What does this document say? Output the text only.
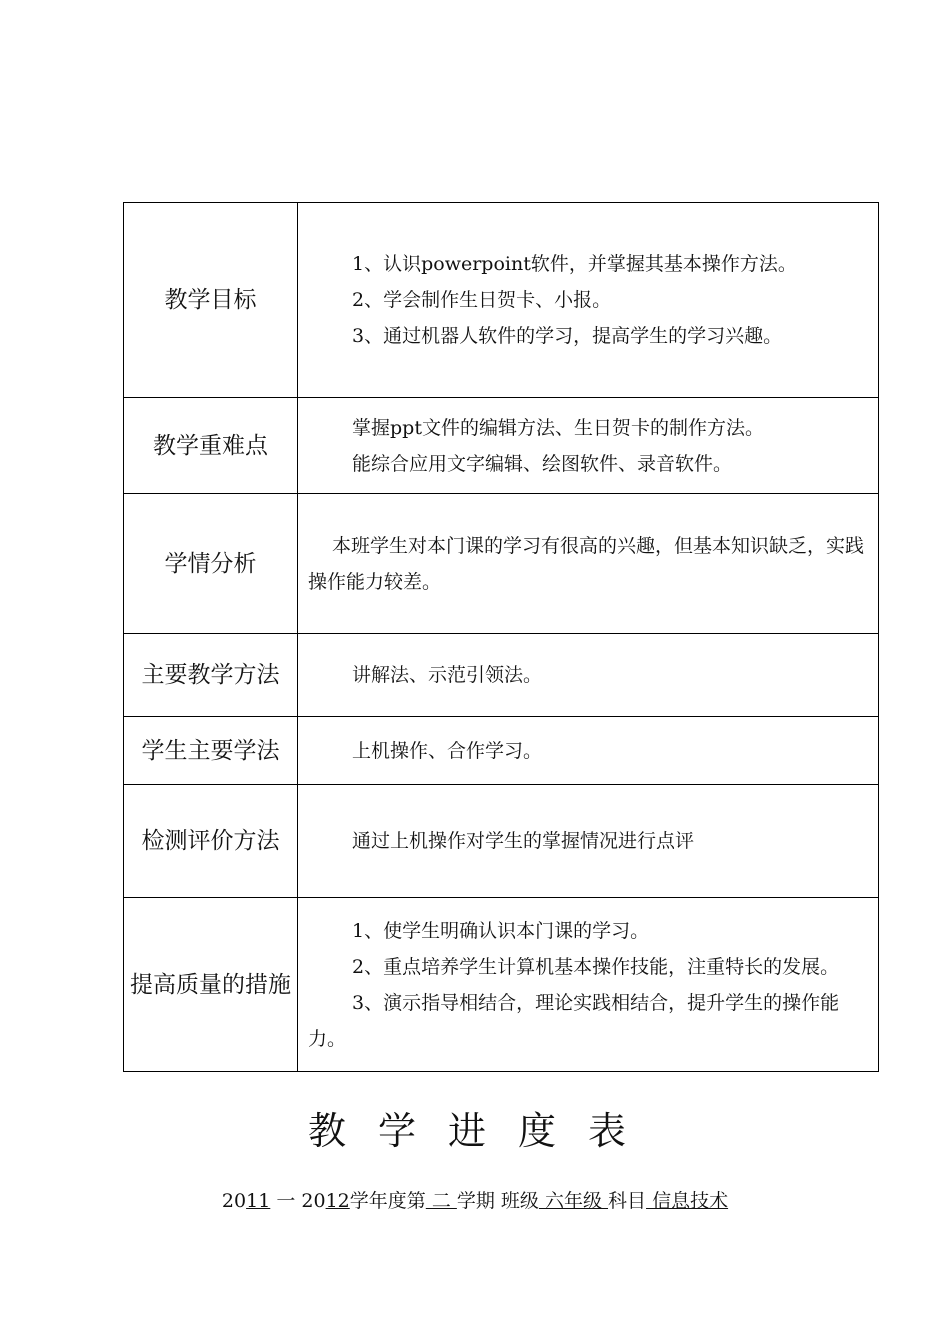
教学目标	1、认识powerpoint软件，并掌握其基本操作方法。

2、学会制作生日贺卡、小报。

3、通过机器人软件的学习，提高学生的学习兴趣。

教学重难点	掌握ppt文件的编辑方法、生日贺卡的制作方法。

能综合应用文字编辑、绘图软件、录音软件。

学情分析	本班学生对本门课的学习有很高的兴趣，但基本知识缺乏，实践操作能力较差。

主要教学方法	讲解法、示范引领法。

学生主要学法	上机操作、合作学习。

检测评价方法	通过上机操作对学生的掌握情况进行点评

提高质量的措施	1、使学生明确认识本门课的学习。

2、重点培养学生计算机基本操作技能，注重特长的发展。

3、演示指导相结合，理论实践相结合，提升学生的操作能力。

教 学 进 度 表
2011 一 2012学年度第 二 学期 班级 六年级 科目 信息技术
